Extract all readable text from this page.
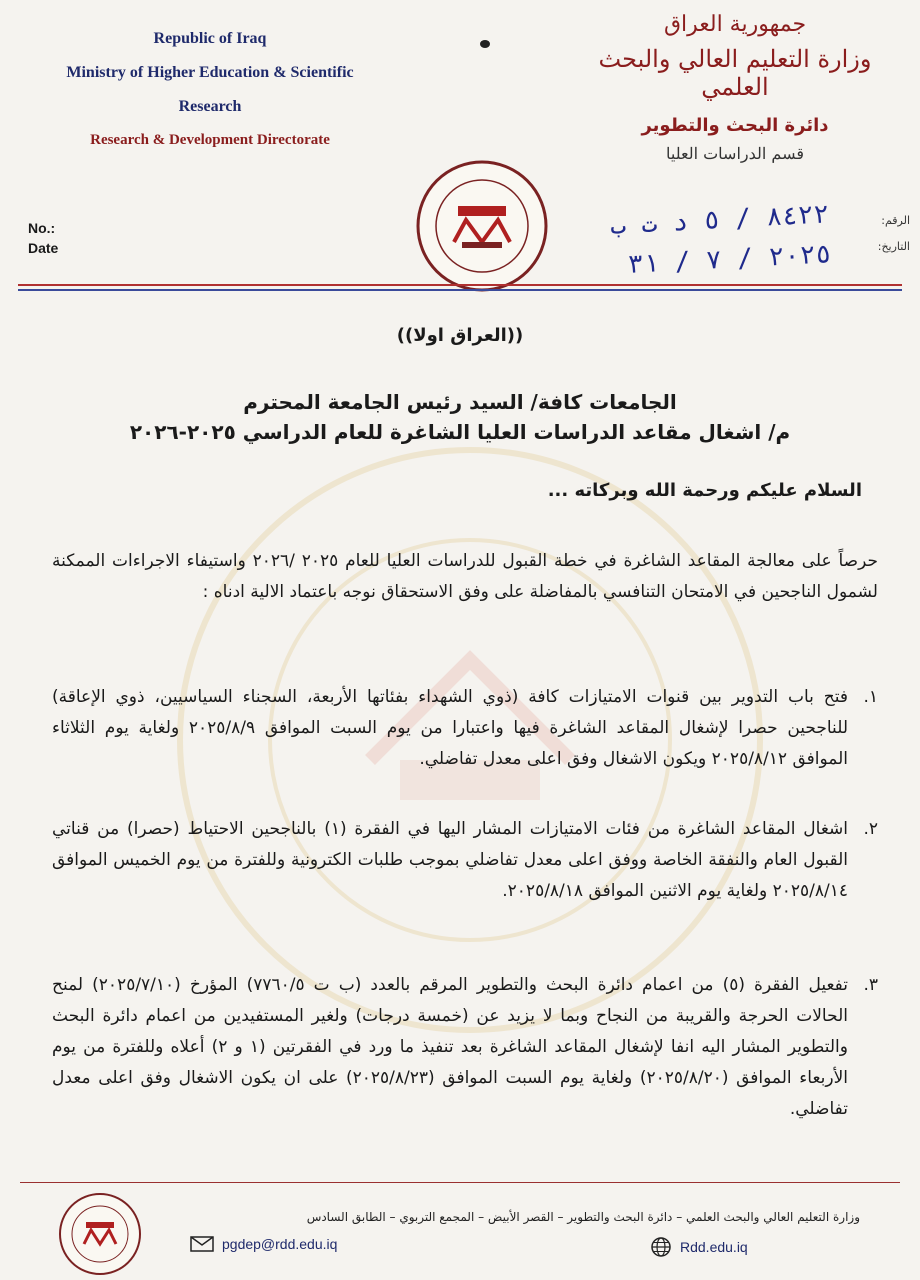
Republic of Iraq
Ministry of Higher Education & Scientific
Research
Research & Development Directorate
جمهورية العراق
وزارة التعليم العالي والبحث العلمي
دائرة البحث والتطوير
قسم الدراسات العليا
No.:
Date
الرقم:
التاريخ:
٨٤٢٢ / ٥ د ت ب
٢٠٢٥ / ٧ / ٣١
((العراق اولا))
الجامعات كافة/ السيد رئيس الجامعة المحترم
م/ اشغال مقاعد الدراسات العليا الشاغرة للعام الدراسي ٢٠٢٥-٢٠٢٦
السلام عليكم ورحمة الله وبركاته ...
حرصاً على معالجة المقاعد الشاغرة في خطة القبول للدراسات العليا للعام ٢٠٢٥ /٢٠٢٦ واستيفاء الاجراءات الممكنة لشمول الناجحين في الامتحان التنافسي بالمفاضلة على وفق الاستحقاق نوجه باعتماد الالية ادناه :
١.
فتح باب التدوير بين قنوات الامتيازات كافة (ذوي الشهداء بفئاتها الأربعة، السجناء السياسيين، ذوي الإعاقة) للناجحين حصرا لإشغال المقاعد الشاغرة فيها واعتبارا من يوم السبت الموافق ٢٠٢٥/٨/٩ ولغاية يوم الثلاثاء الموافق ٢٠٢٥/٨/١٢ ويكون الاشغال وفق اعلى معدل تفاضلي.
٢.
اشغال المقاعد الشاغرة من فئات الامتيازات المشار اليها في الفقرة (١) بالناجحين الاحتياط (حصرا) من قناتي القبول العام والنفقة الخاصة ووفق اعلى معدل تفاضلي بموجب طلبات الكترونية وللفترة من يوم الخميس الموافق ٢٠٢٥/٨/١٤ ولغاية يوم الاثنين الموافق ٢٠٢٥/٨/١٨.
٣.
تفعيل الفقرة (٥) من اعمام دائرة البحث والتطوير المرقم بالعدد (ب ت ٧٧٦٠/٥) المؤرخ (٢٠٢٥/٧/١٠) لمنح الحالات الحرجة والقريبة من النجاح وبما لا يزيد عن (خمسة درجات) ولغير المستفيدين من اعمام دائرة البحث والتطوير المشار اليه انفا لإشغال المقاعد الشاغرة بعد تنفيذ ما ورد في الفقرتين (١ و ٢) أعلاه وللفترة من يوم الأربعاء الموافق (٢٠٢٥/٨/٢٠) ولغاية يوم السبت الموافق (٢٠٢٥/٨/٢٣) على ان يكون الاشغال وفق اعلى معدل تفاضلي.
وزارة التعليم العالي والبحث العلمي – دائرة البحث والتطوير – القصر الأبيض – المجمع التربوي – الطابق السادس
pgdep@rdd.edu.iq	Rdd.edu.iq
